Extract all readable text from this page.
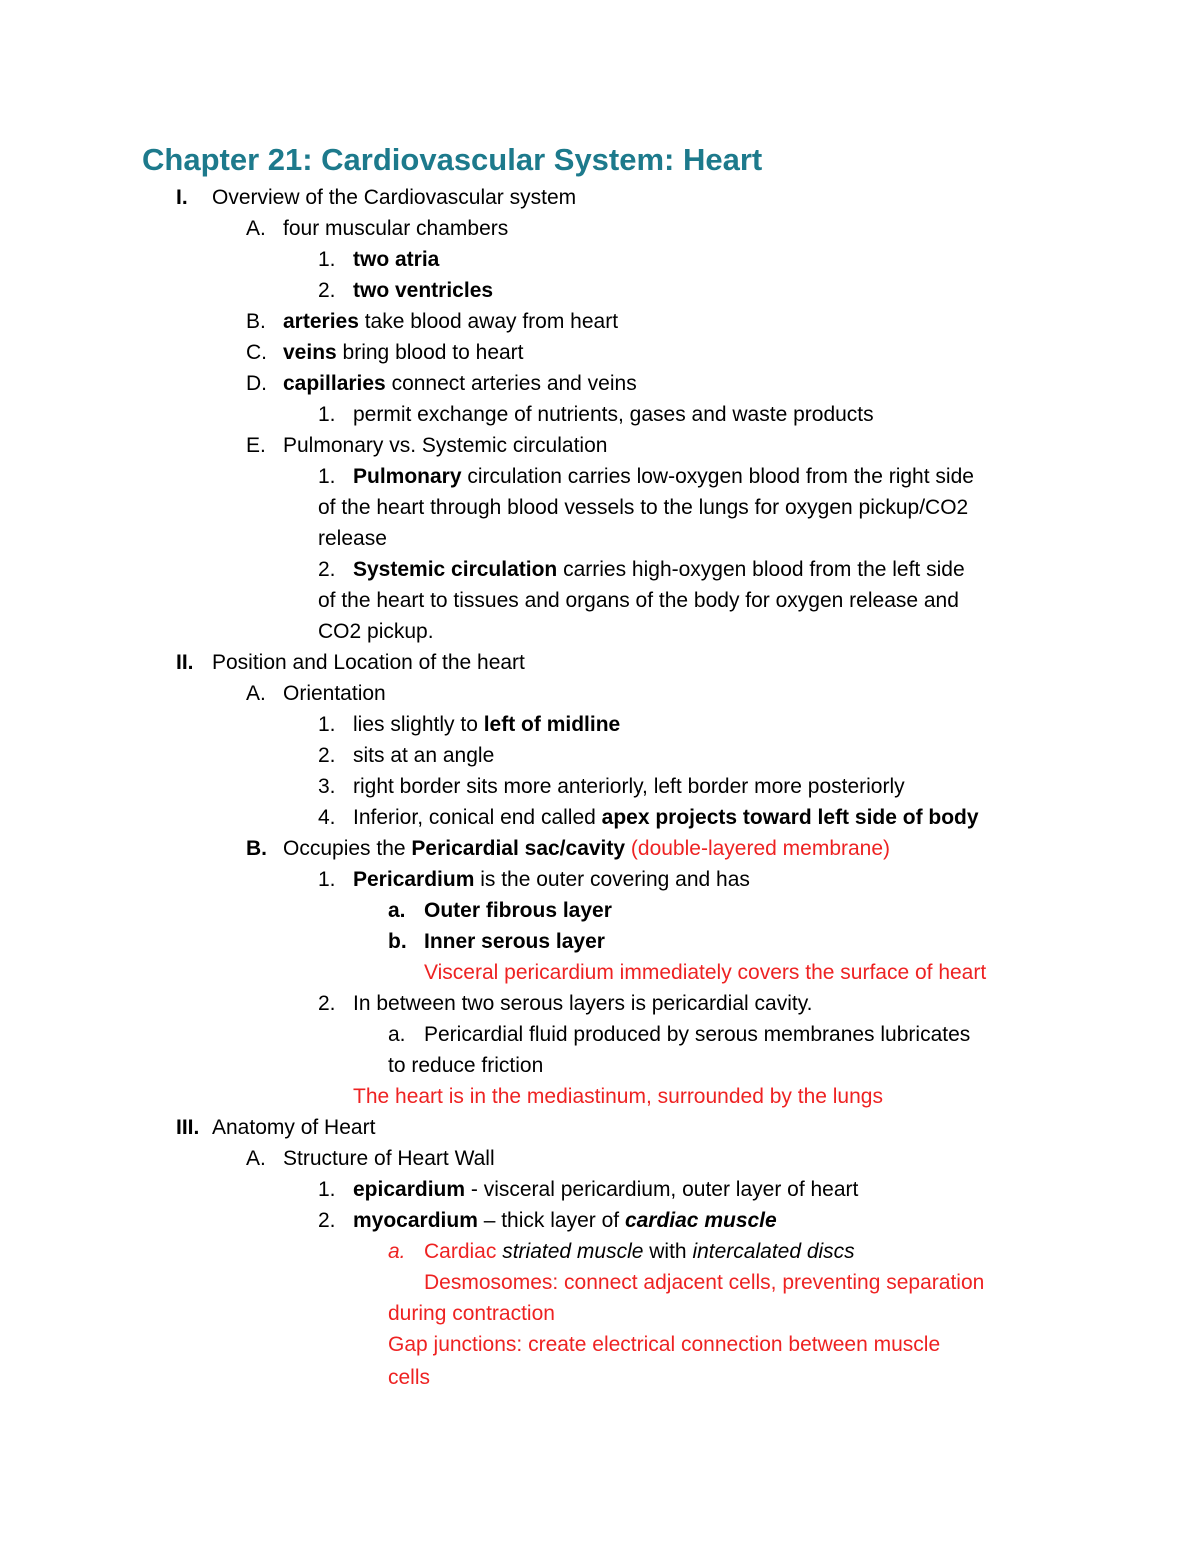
Chapter 21: Cardiovascular System: Heart
I. Overview of the Cardiovascular system
A. four muscular chambers
1. two atria
2. two ventricles
B. arteries take blood away from heart
C. veins bring blood to heart
D. capillaries connect arteries and veins
1. permit exchange of nutrients, gases and waste products
E. Pulmonary vs. Systemic circulation
1. Pulmonary circulation carries low-oxygen blood from the right side
of the heart through blood vessels to the lungs for oxygen pickup/CO2
release
2. Systemic circulation carries high-oxygen blood from the left side
of the heart to tissues and organs of the body for oxygen release and
CO2 pickup.
II. Position and Location of the heart
A. Orientation
1. lies slightly to left of midline
2. sits at an angle
3. right border sits more anteriorly, left border more posteriorly
4. Inferior, conical end called apex projects toward left side of body
B. Occupies the Pericardial sac/cavity (double-layered membrane)
1. Pericardium is the outer covering and has
a. Outer fibrous layer
b. Inner serous layer
Visceral pericardium immediately covers the surface of heart
2. In between two serous layers is pericardial cavity.
a. Pericardial fluid produced by serous membranes lubricates
to reduce friction
The heart is in the mediastinum, surrounded by the lungs
III. Anatomy of Heart
A. Structure of Heart Wall
1. epicardium - visceral pericardium, outer layer of heart
2. myocardium – thick layer of cardiac muscle
a. Cardiac striated muscle with intercalated discs
Desmosomes: connect adjacent cells, preventing separation
during contraction
Gap junctions: create electrical connection between muscle
cells
